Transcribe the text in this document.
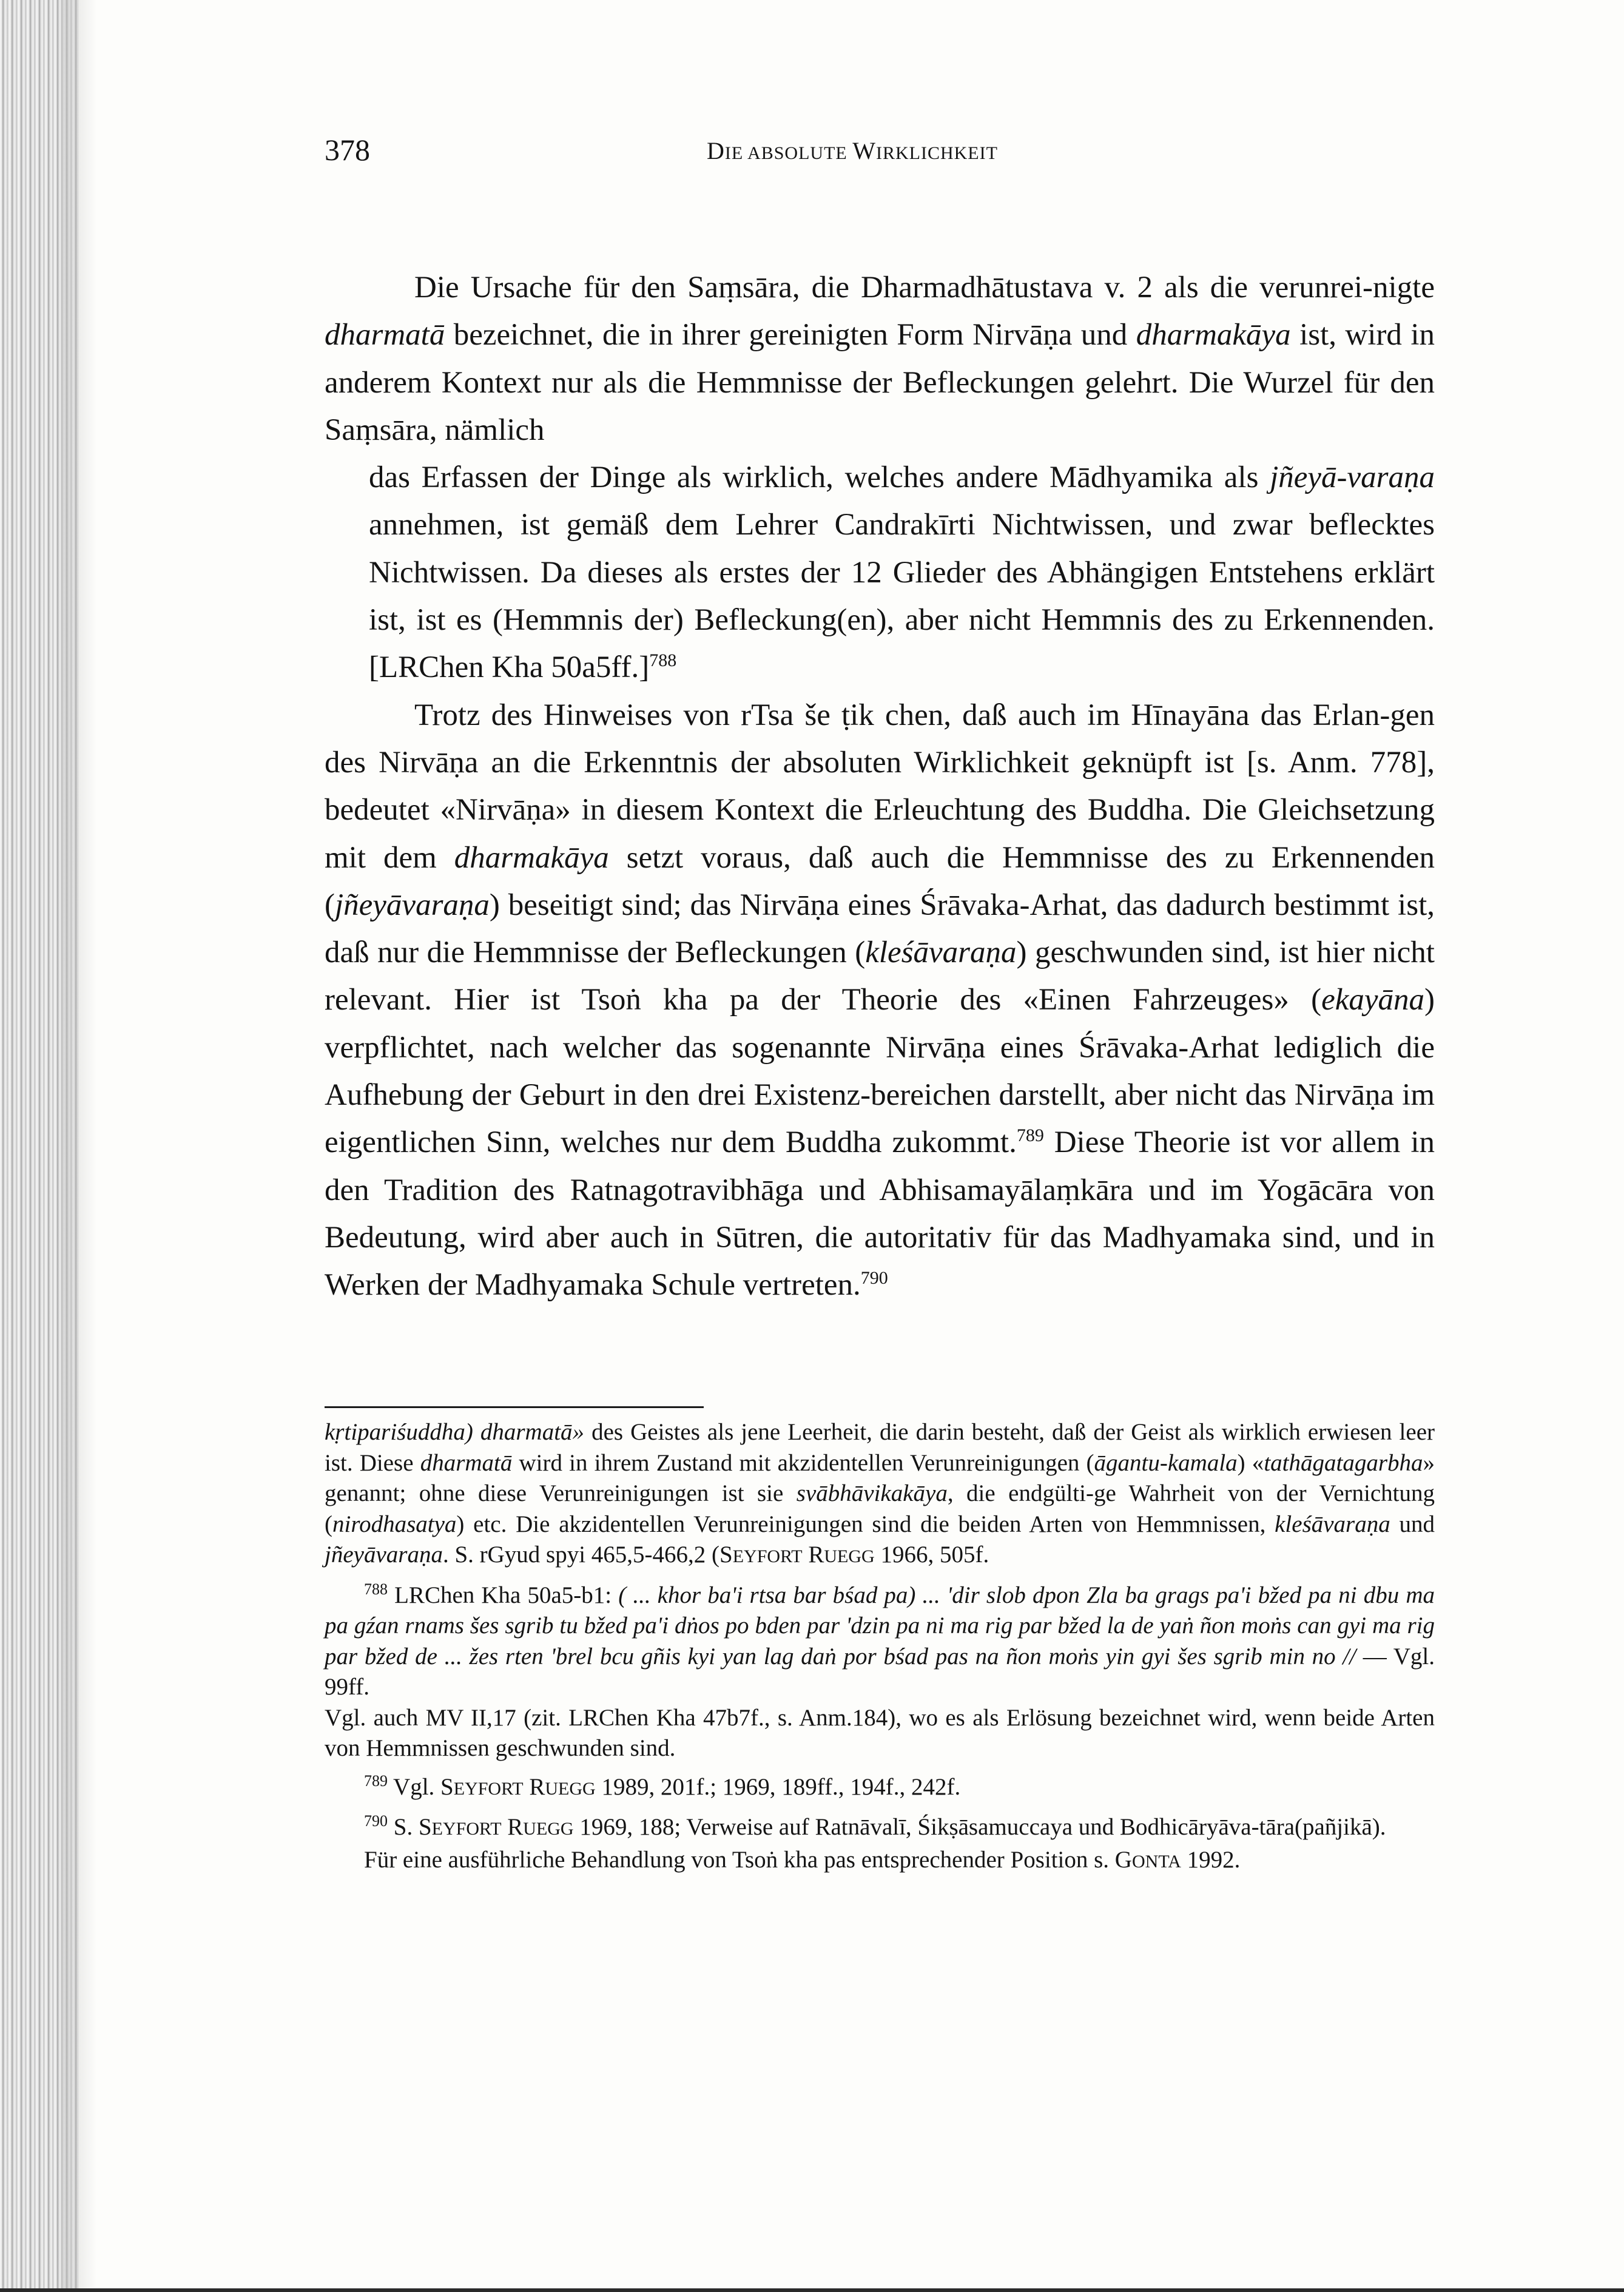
378	DIE ABSOLUTE WIRKLICHKEIT

Die Ursache für den Saṃsāra, die Dharmadhātustava v. 2 als die verunrei-nigte dharmatā bezeichnet, die in ihrer gereinigten Form Nirvāṇa und dharmakāya ist, wird in anderem Kontext nur als die Hemmnisse der Befleckungen gelehrt. Die Wurzel für den Saṃsāra, nämlich

das Erfassen der Dinge als wirklich, welches andere Mādhyamika als jñeyā-varaṇa annehmen, ist gemäß dem Lehrer Candrakīrti Nichtwissen, und zwar beflecktes Nichtwissen. Da dieses als erstes der 12 Glieder des Abhängigen Entstehens erklärt ist, ist es (Hemmnis der) Befleckung(en), aber nicht Hemmnis des zu Erkennenden. [LRChen Kha 50a5ff.]$^{788}$

Trotz des Hinweises von rTsa še ṭik chen, daß auch im Hīnayāna das Erlan-gen des Nirvāṇa an die Erkenntnis der absoluten Wirklichkeit geknüpft ist [s. Anm. 778], bedeutet «Nirvāṇa» in diesem Kontext die Erleuchtung des Buddha. Die Gleichsetzung mit dem dharmakāya setzt voraus, daß auch die Hemmnisse des zu Erkennenden (jñeyāvaraṇa) beseitigt sind; das Nirvāṇa eines Śrāvaka-Arhat, das dadurch bestimmt ist, daß nur die Hemmnisse der Befleckungen (kleśāvaraṇa) geschwunden sind, ist hier nicht relevant. Hier ist Tsoṅ kha pa der Theorie des «Einen Fahrzeuges» (ekayāna) verpflichtet, nach welcher das sogenannte Nirvāṇa eines Śrāvaka-Arhat lediglich die Aufhebung der Geburt in den drei Existenz-bereichen darstellt, aber nicht das Nirvāṇa im eigentlichen Sinn, welches nur dem Buddha zukommt.$^{789}$ Diese Theorie ist vor allem in den Tradition des Ratnagotravibhāga und Abhisamayālaṃkāra und im Yogācāra von Bedeutung, wird aber auch in Sūtren, die autoritativ für das Madhyamaka sind, und in Werken der Madhyamaka Schule vertreten.$^{790}$

kṛtipariśuddha) dharmatā» des Geistes als jene Leerheit, die darin besteht, daß der Geist als wirklich erwiesen leer ist. Diese dharmatā wird in ihrem Zustand mit akzidentellen Verunreinigungen (āgantu-kamala) «tathāgatagarbha» genannt; ohne diese Verunreinigungen ist sie svābhāvikakāya, die endgülti-ge Wahrheit von der Vernichtung (nirodhasatya) etc. Die akzidentellen Verunreinigungen sind die beiden Arten von Hemmnissen, kleśāvaraṇa und jñeyāvaraṇa. S. rGyud spyi 465,5-466,2 (SEYFORT RUEGG 1966, 505f.

$^{788}$ LRChen Kha 50a5-b1: ( ... khor ba'i rtsa bar bśad pa) ... 'dir slob dpon Zla ba grags pa'i bžed pa ni dbu ma pa gźan rnams šes sgrib tu bžed pa'i dṅos po bden par 'dzin pa ni ma rig par bžed la de yaṅ ñon moṅs can gyi ma rig par bžed de ... žes rten 'brel bcu gñis kyi yan lag daṅ por bśad pas na ñon moṅs yin gyi šes sgrib min no // — Vgl. 99ff.

Vgl. auch MV II,17 (zit. LRChen Kha 47b7f., s. Anm.184), wo es als Erlösung bezeichnet wird, wenn beide Arten von Hemmnissen geschwunden sind.

$^{789}$ Vgl. SEYFORT RUEGG 1989, 201f.; 1969, 189ff., 194f., 242f.

$^{790}$ S. SEYFORT RUEGG 1969, 188; Verweise auf Ratnāvalī, Śikṣāsamuccaya und Bodhicāryāva-tāra(pañjikā).

Für eine ausführliche Behandlung von Tsoṅ kha pas entsprechender Position s. GONTA 1992.
